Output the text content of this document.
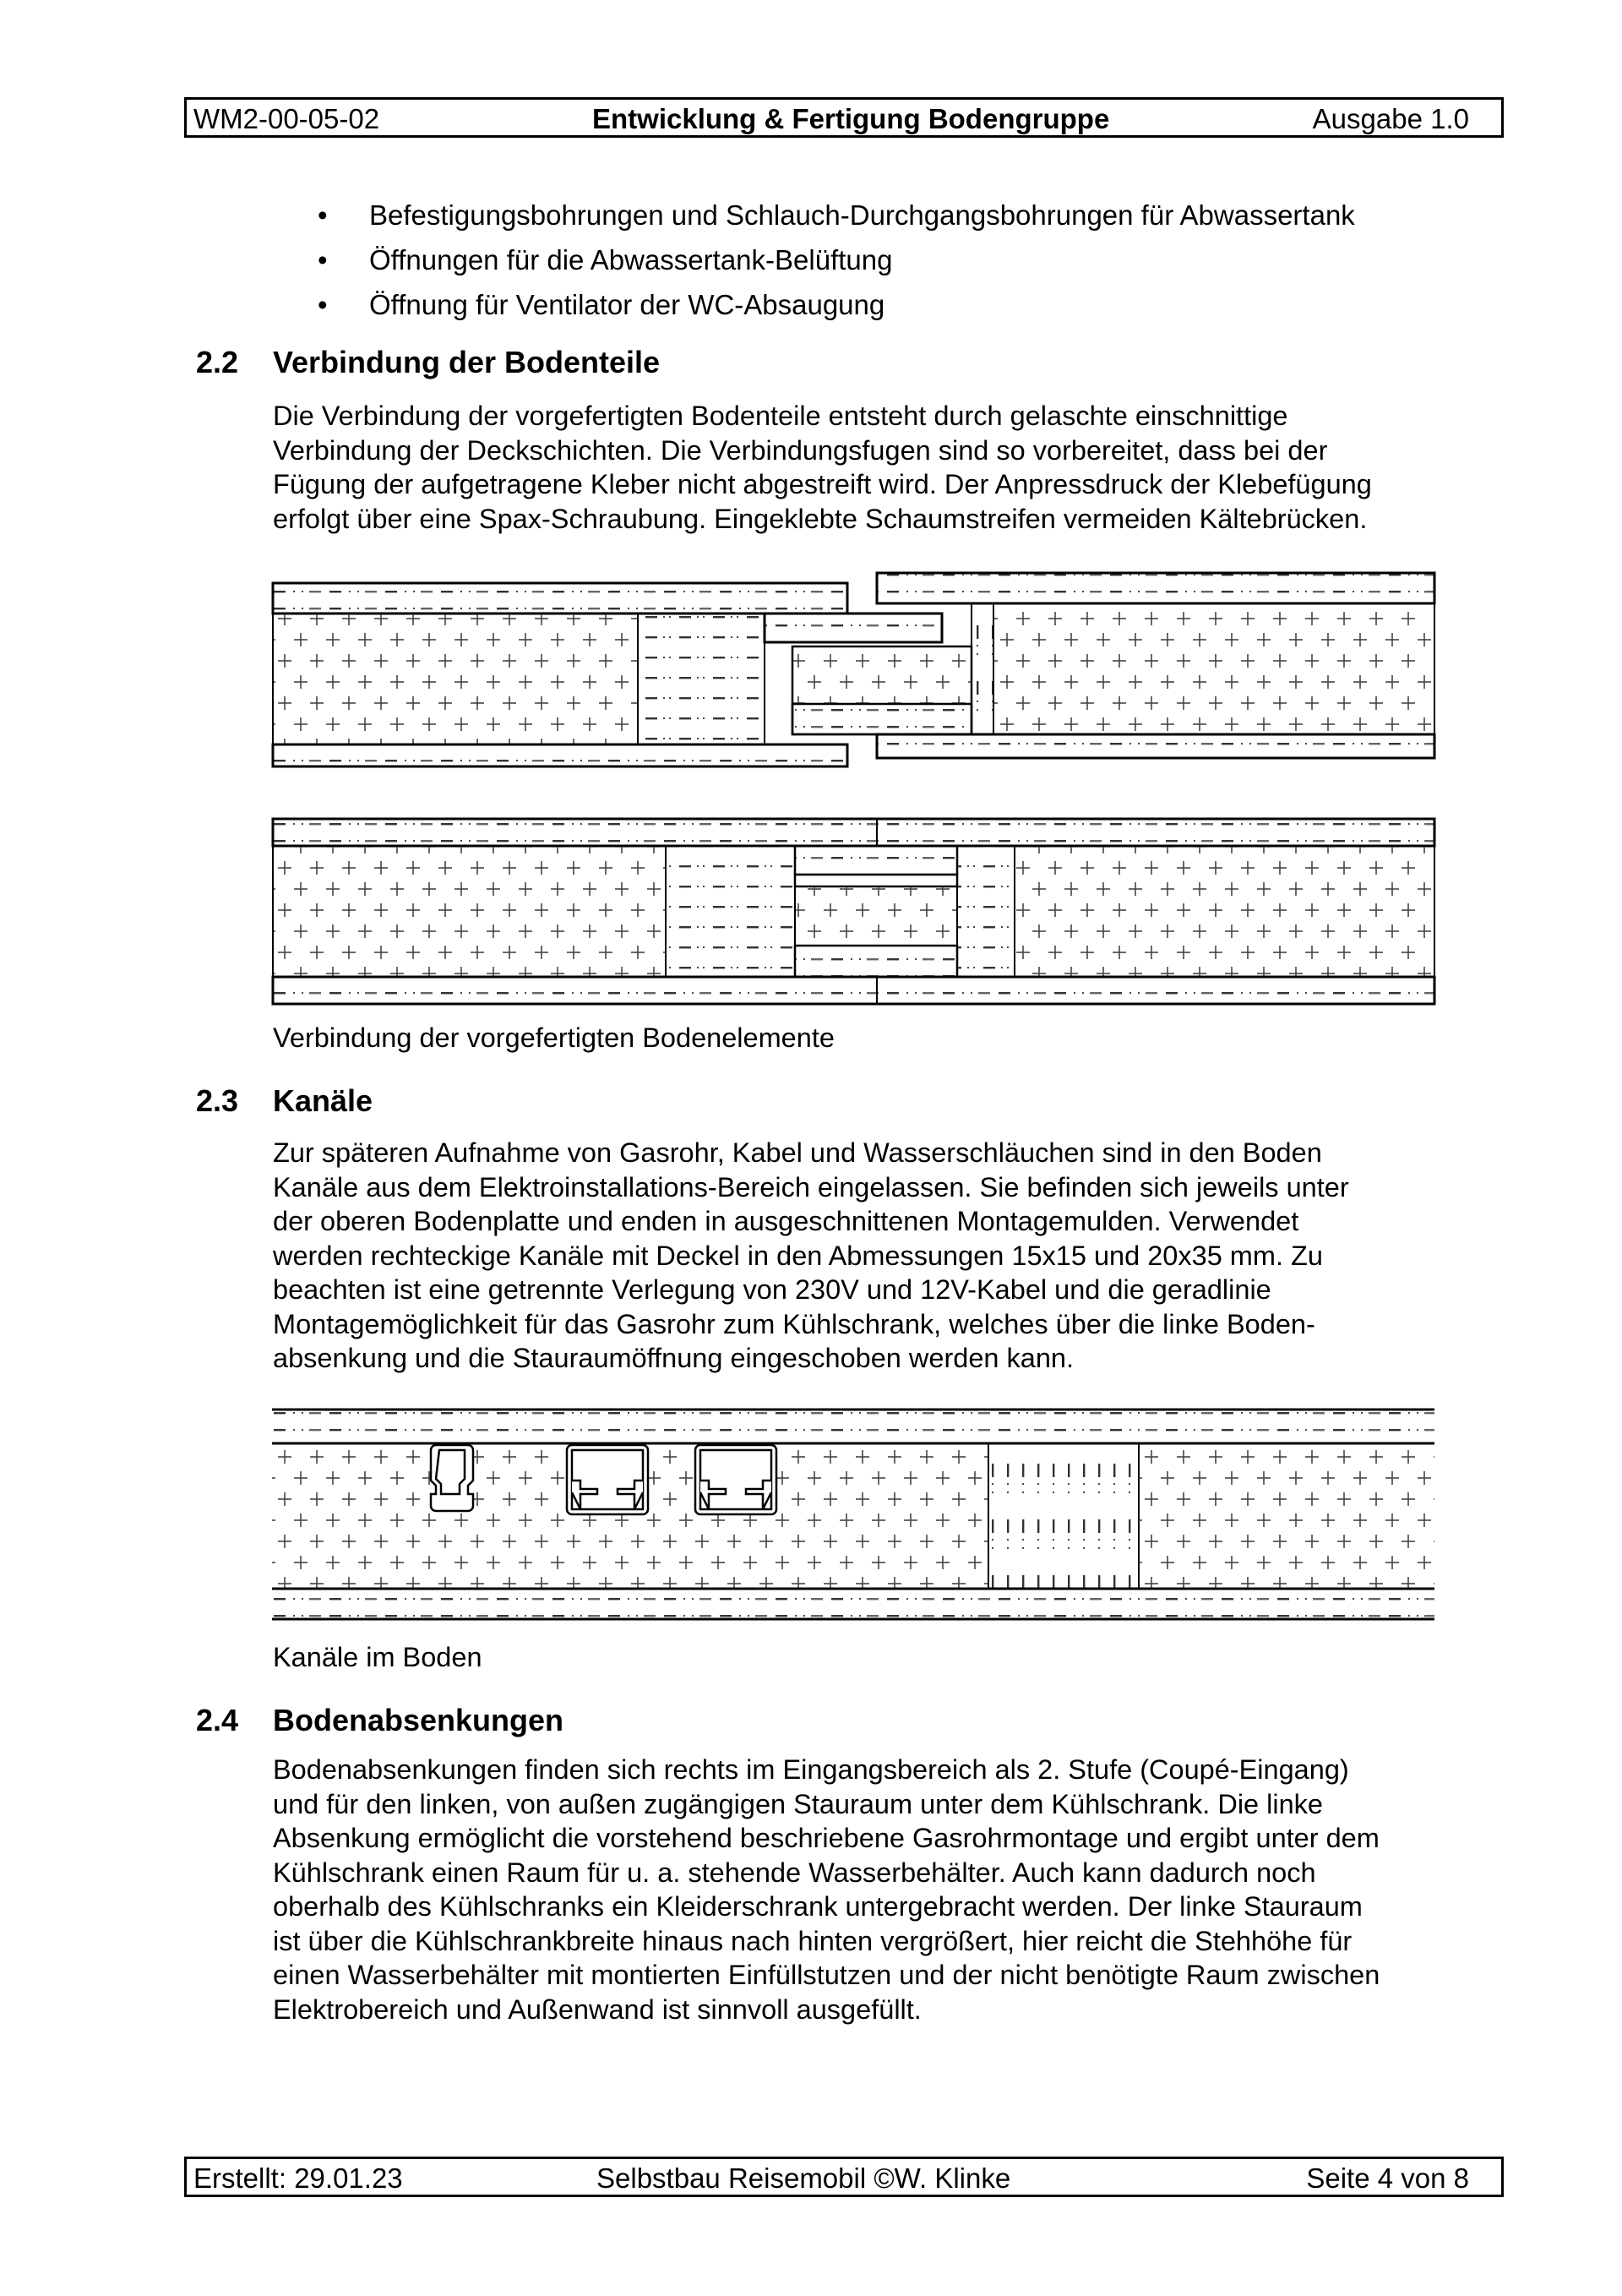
WM2-00-05-02	Entwicklung & Fertigung Bodengruppe	Ausgabe 1.0
• Befestigungsbohrungen und Schlauch-Durchgangsbohrungen für Abwassertank
• Öffnungen für die Abwassertank-Belüftung
• Öffnung für Ventilator der WC-Absaugung
2.2 Verbindung der Bodenteile
Die Verbindung der vorgefertigten Bodenteile entsteht durch gelaschte einschnittige
Verbindung der Deckschichten. Die Verbindungsfugen sind so vorbereitet, dass bei der
Fügung der aufgetragene Kleber nicht abgestreift wird. Der Anpressdruck der Klebefügung
erfolgt über eine Spax-Schraubung. Eingeklebte Schaumstreifen vermeiden Kältebrücken.
Verbindung der vorgefertigten Bodenelemente
2.3 Kanäle
Zur späteren Aufnahme von Gasrohr, Kabel und Wasserschläuchen sind in den Boden
Kanäle aus dem Elektroinstallations-Bereich eingelassen. Sie befinden sich jeweils unter
der oberen Bodenplatte und enden in ausgeschnittenen Montagemulden. Verwendet
werden rechteckige Kanäle mit Deckel in den Abmessungen 15x15 und 20x35 mm. Zu
beachten ist eine getrennte Verlegung von 230V und 12V-Kabel und die geradlinie
Montagemöglichkeit für das Gasrohr zum Kühlschrank, welches über die linke Boden-
absenkung und die Stauraumöffnung eingeschoben werden kann.
Kanäle im Boden
2.4 Bodenabsenkungen
Bodenabsenkungen finden sich rechts im Eingangsbereich als 2. Stufe (Coupé-Eingang)
und für den linken, von außen zugängigen Stauraum unter dem Kühlschrank. Die linke
Absenkung ermöglicht die vorstehend beschriebene Gasrohrmontage und ergibt unter dem
Kühlschrank einen Raum für u. a. stehende Wasserbehälter. Auch kann dadurch noch
oberhalb des Kühlschranks ein Kleiderschrank untergebracht werden. Der linke Stauraum
ist über die Kühlschrankbreite hinaus nach hinten vergrößert, hier reicht die Stehhöhe für
einen Wasserbehälter mit montierten Einfüllstutzen und der nicht benötigte Raum zwischen
Elektrobereich und Außenwand ist sinnvoll ausgefüllt.
Erstellt: 29.01.23	Selbstbau Reisemobil ©W. Klinke	Seite 4 von 8
